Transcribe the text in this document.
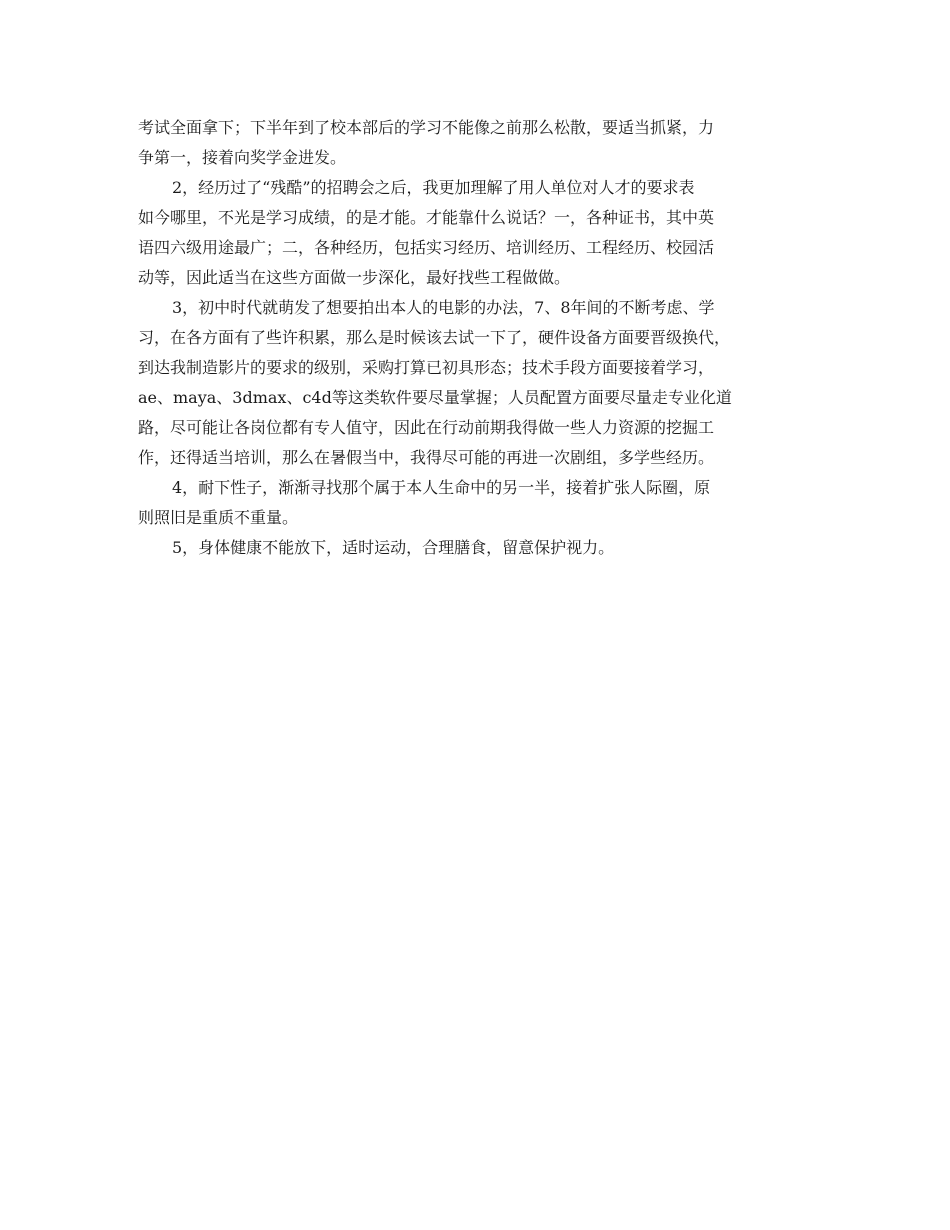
考试全面拿下；下半年到了校本部后的学习不能像之前那么松散，要适当抓紧，力
争第一，接着向奖学金进发。
2，经历过了“残酷”的招聘会之后，我更加理解了用人单位对人才的要求表
如今哪里，不光是学习成绩，的是才能。才能靠什么说话？一，各种证书，其中英
语四六级用途最广；二，各种经历，包括实习经历、培训经历、工程经历、校园活
动等，因此适当在这些方面做一步深化，最好找些工程做做。
3，初中时代就萌发了想要拍出本人的电影的办法，7、8年间的不断考虑、学
习，在各方面有了些许积累，那么是时候该去试一下了，硬件设备方面要晋级换代，
到达我制造影片的要求的级别，采购打算已初具形态；技术手段方面要接着学习，
ae、maya、3dmax、c4d等这类软件要尽量掌握；人员配置方面要尽量走专业化道
路，尽可能让各岗位都有专人值守，因此在行动前期我得做一些人力资源的挖掘工
作，还得适当培训，那么在暑假当中，我得尽可能的再进一次剧组，多学些经历。
4，耐下性子，渐渐寻找那个属于本人生命中的另一半，接着扩张人际圈，原
则照旧是重质不重量。
5，身体健康不能放下，适时运动，合理膳食，留意保护视力。
